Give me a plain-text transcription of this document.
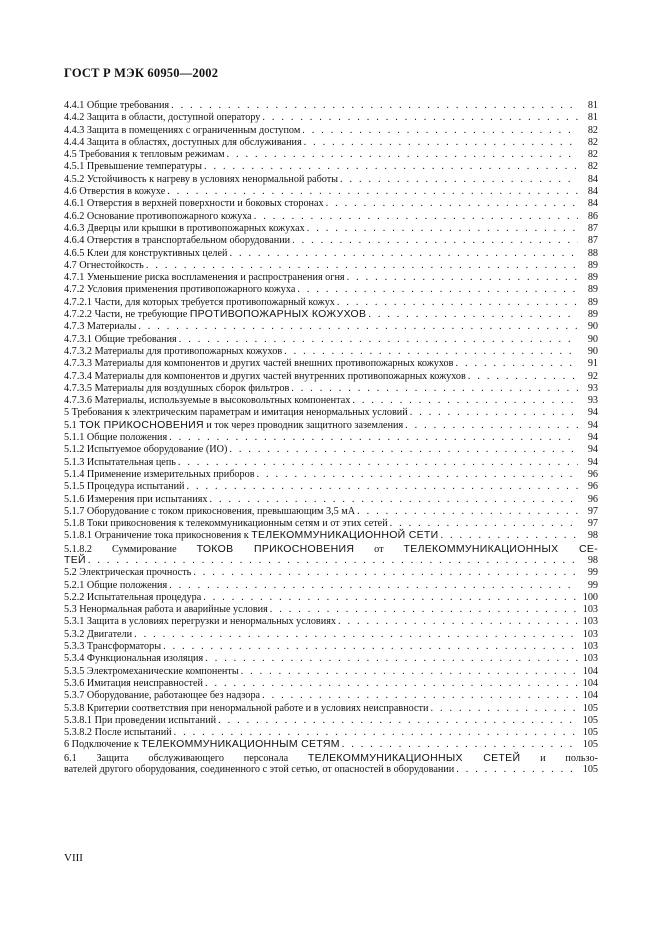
ГОСТ Р МЭК 60950—2002
4.4.1 Общие требования . . .	81
4.4.2 Защита в области, доступной оператору . . .	81
4.4.3 Защита в помещениях с ограниченным доступом . . .	82
4.4.4 Защита в областях, доступных для обслуживания . . .	82
4.5 Требования к тепловым режимам . . .	82
4.5.1 Превышение температуры . . .	82
4.5.2 Устойчивость к нагреву в условиях ненормальной работы . . .	84
4.6 Отверстия в кожухе . . .	84
4.6.1 Отверстия в верхней поверхности и боковых сторонах . . .	84
4.6.2 Основание противопожарного кожуха . . .	86
4.6.3 Дверцы или крышки в противопожарных кожухах . . .	87
4.6.4 Отверстия в транспортабельном оборудовании . . .	87
4.6.5 Клеи для конструктивных целей . . .	88
4.7 Огнестойкость . . .	89
4.7.1 Уменьшение риска воспламенения и распространения огня . . .	89
4.7.2 Условия применения противопожарного кожуха . . .	89
4.7.2.1 Части, для которых требуется противопожарный кожух . . .	89
4.7.2.2 Части, не требующие ПРОТИВОПОЖАРНЫХ КОЖУХОВ . . .	89
4.7.3 Материалы . . .	90
4.7.3.1 Общие требования . . .	90
4.7.3.2 Материалы для противопожарных кожухов . . .	90
4.7.3.3 Материалы для компонентов и других частей внешних противопожарных кожухов . . .	91
4.7.3.4 Материалы для компонентов и других частей внутренних противопожарных кожухов . . .	92
4.7.3.5 Материалы для воздушных сборок фильтров . . .	93
4.7.3.6 Материалы, используемые в высоковольтных компонентах . . .	93
5 Требования к электрическим параметрам и имитация ненормальных условий . . .	94
5.1 ТОК ПРИКОСНОВЕНИЯ и ток через проводник защитного заземления . . .	94
5.1.1 Общие положения . . .	94
5.1.2 Испытуемое оборудование (ИО) . . .	94
5.1.3 Испытательная цепь . . .	94
5.1.4 Применение измерительных приборов . . .	96
5.1.5 Процедура испытаний . . .	96
5.1.6 Измерения при испытаниях . . .	96
5.1.7 Оборудование с током прикосновения, превышающим 3,5 мА . . .	97
5.1.8 Токи прикосновения к телекоммуникационным сетям и от этих сетей . . .	97
5.1.8.1 Ограничение тока прикосновения к ТЕЛЕКОММУНИКАЦИОННОЙ СЕТИ . . .	98
5.1.8.2 Суммирование ТОКОВ ПРИКОСНОВЕНИЯ от ТЕЛЕКОММУНИКАЦИОННЫХ СЕ-
ТЕЙ . . .	98
5.2 Электрическая прочность . . .	99
5.2.1 Общие положения . . .	99
5.2.2 Испытательная процедура . . .	100
5.3 Ненормальная работа и аварийные условия . . .	103
5.3.1 Защита в условиях перегрузки и ненормальных условиях . . .	103
5.3.2 Двигатели . . .	103
5.3.3 Трансформаторы . . .	103
5.3.4 Функциональная изоляция . . .	103
5.3.5 Электромеханические компоненты . . .	104
5.3.6 Имитация неисправностей . . .	104
5.3.7 Оборудование, работающее без надзора . . .	104
5.3.8 Критерии соответствия при ненормальной работе и в условиях неисправности . . .	105
5.3.8.1 При проведении испытаний . . .	105
5.3.8.2 После испытаний . . .	105
6 Подключение к ТЕЛЕКОММУНИКАЦИОННЫМ СЕТЯМ . . .	105
6.1 Защита обслуживающего персонала ТЕЛЕКОММУНИКАЦИОННЫХ СЕТЕЙ и пользо-
вателей другого оборудования, соединенного с этой сетью, от опасностей в оборудовании . . .	105
VIII
